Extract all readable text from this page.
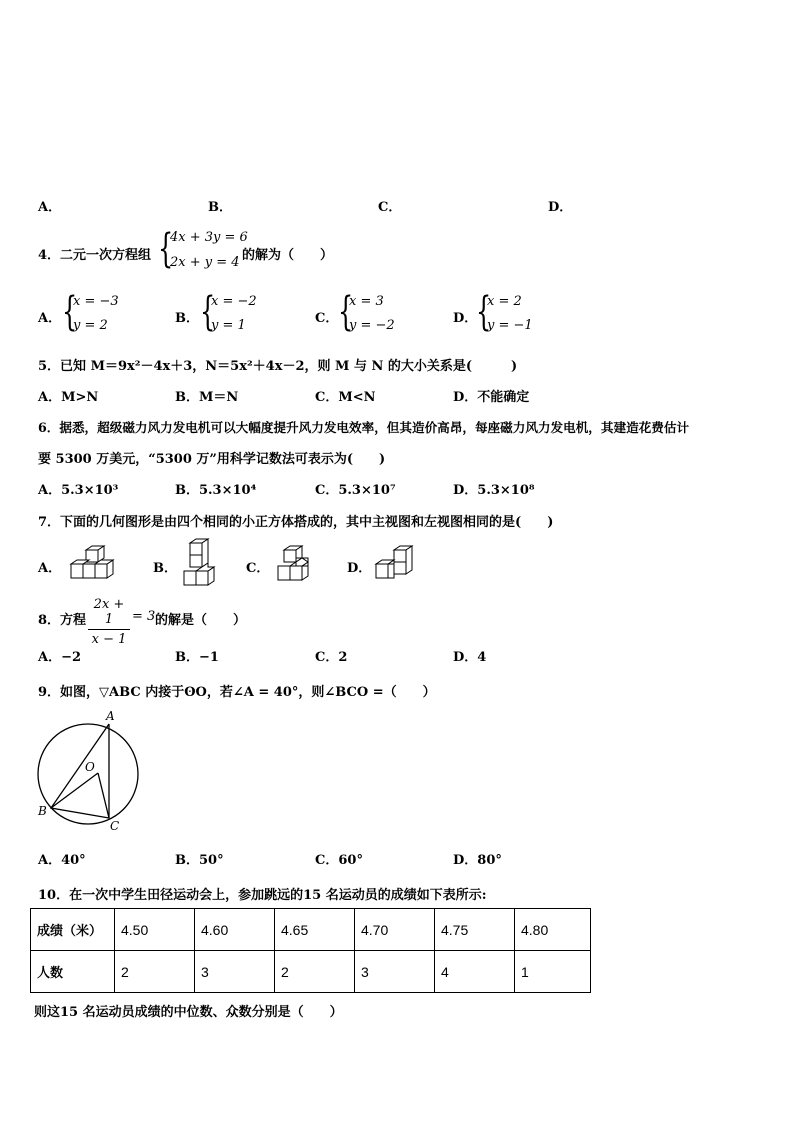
A．	B．	C．	D．
4．二元一次方程组 {
4x + 3y = 6
2x + y = 4 的解为（　　）
A． {
x = −3
y = 2	B． {
x = −2
y = 1	C． {
x = 3
y = −2	D．
{
x = 2
y = −1
5．已知 M＝9x²－4x＋3，N＝5x²＋4x－2，则 M 与 N 的大小关系是(　　　)
A．M>N	B．M＝N	C．M<N	D．不能确定
6．据悉，超级磁力风力发电机可以大幅度提升风力发电效率，但其造价高昂，每座磁力风力发电机，其建造花费估计
要 5300 万美元，“5300 万”用科学记数法可表示为(　　)
A．5.3×10³	B．5.3×10⁴	C．5.3×10⁷	D．5.3×10⁸
7．下面的几何图形是由四个相同的小正方体搭成的，其中主视图和左视图相同的是(　　)
A．	B．	C．	D．
8．方程
2x + 1
x − 1
= 3 的解是（　　）
A．−2	B．−1	C．2	D．4
9．如图，▽ABC 内接于ʘO，若∠A = 40°，则∠BCO =（　　）
A
O
B
C
A．40°	B．50°	C．60°	D．80°
10．在一次中学生田径运动会上，参加跳远的15 名运动员的成绩如下表所示:
成绩（米）	4.50	4.60	4.65	4.70	4.75	4.80
人数	2	3	2	3	4	1
则这15 名运动员成绩的中位数、众数分别是（　　）
